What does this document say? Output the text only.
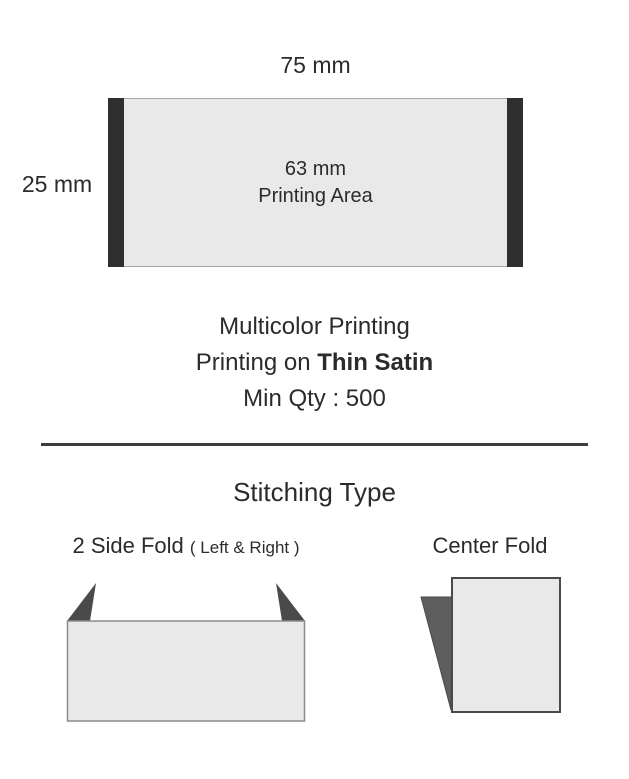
75 mm
25 mm
63 mm
Printing Area
Multicolor Printing
Printing on Thin Satin
Min Qty : 500
Stitching Type
2 Side Fold ( Left & Right )	Center Fold
